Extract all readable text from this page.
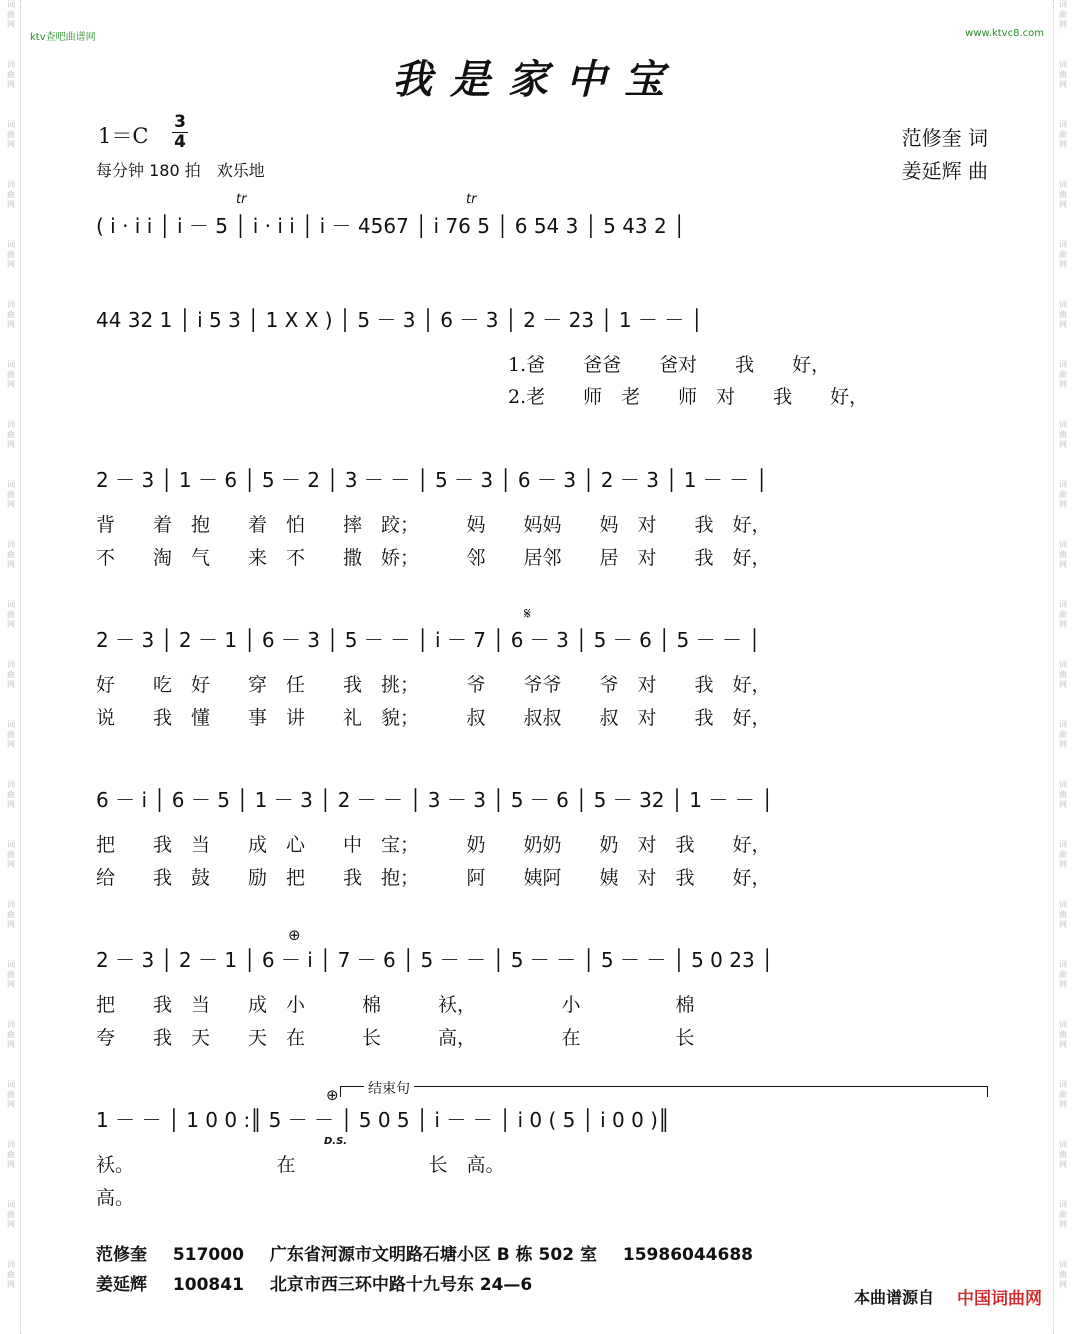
词
曲
网
词
曲
网
词
曲
网
词
曲
网
词
曲
网
词
曲
网
词
曲
网
词
曲
网
词
曲
网
词
曲
网
词
曲
网
词
曲
网
词
曲
网
词
曲
网
词
曲
网
词
曲
网
词
曲
网
词
曲
网
词
曲
网
词
曲
网
词
曲
网
词
曲
网
词
曲
网
词
曲
网
词
曲
网
词
曲
网
词
曲
网
词
曲
网
词
曲
网
词
曲
网
词
曲
网
词
曲
网
词
曲
网
词
曲
网
词
曲
网
词
曲
网
词
曲
网
词
曲
网
词
曲
网
词
曲
网
词
曲
网
词
曲
网
词
曲
网
词
曲
网
ktv查吧曲谱网	www.ktvc8.com
我是家中宝
1＝C
3
4
每分钟 180 拍　欢乐地
范修奎 词
姜延辉 曲
tr	tr
𝄋
⊕
⊕
D.S.
结束句
( i · i i │ i － 5 │ i · i i │ i － 4567 │ i 76 5 │ 6 54 3 │ 5 43 2 │
44 32 1 │ i 5 3 │ 1 X X ) │ 5 － 3 │ 6 － 3 │ 2 － 23 │ 1 － － │
1.爸　　爸爸　　爸对　　我　　好，
2.老　　师　老　　师　对　　我　　好，
2 － 3 │ 1 － 6 │ 5 － 2 │ 3 － － │ 5 － 3 │ 6 － 3 │ 2 － 3 │ 1 － － │
背　　着　抱　　着　怕　　摔　跤；　　　妈　　妈妈　　妈　对　　我　好，
不　　淘　气　　来　不　　撒　娇；　　　邻　　居邻　　居　对　　我　好，
2 － 3 │ 2 － 1 │ 6 － 3 │ 5 － － │ i － 7 │ 6 － 3 │ 5 － 6 │ 5 － － │
好　　吃　好　　穿　任　　我　挑；　　　爷　　爷爷　　爷　对　　我　好，
说　　我　懂　　事　讲　　礼　貌；　　　叔　　叔叔　　叔　对　　我　好，
6 － i │ 6 － 5 │ 1 － 3 │ 2 － － │ 3 － 3 │ 5 － 6 │ 5 － 32 │ 1 － － │
把　　我　当　　成　心　　中　宝；　　　奶　　奶奶　　奶　对　我　　好，
给　　我　鼓　　励　把　　我　抱；　　　阿　　姨阿　　姨　对　我　　好，
2 － 3 │ 2 － 1 │ 6 － i │ 7 － 6 │ 5 － － │ 5 － － │ 5 － － │ 5 0 23 │
把　　我　当　　成　小　　　棉　　　袄，　　　　　小　　　　　棉
夸　　我　天　　天　在　　　长　　　高，　　　　　在　　　　　长
1 － － │ 1 0 0 :║ 5 － － │ 5 0 5 │ i － － │ i 0 ( 5 │ i 0 0 )║
袄。　　　　　　　　在　　　　　　　长　高。
高。
范修奎 517000 广东省河源市文明路石塘小区 B 栋 502 室 15986044688
姜延辉 100841 北京市西三环中路十九号东 24—6
本曲谱源自 中国词曲网
